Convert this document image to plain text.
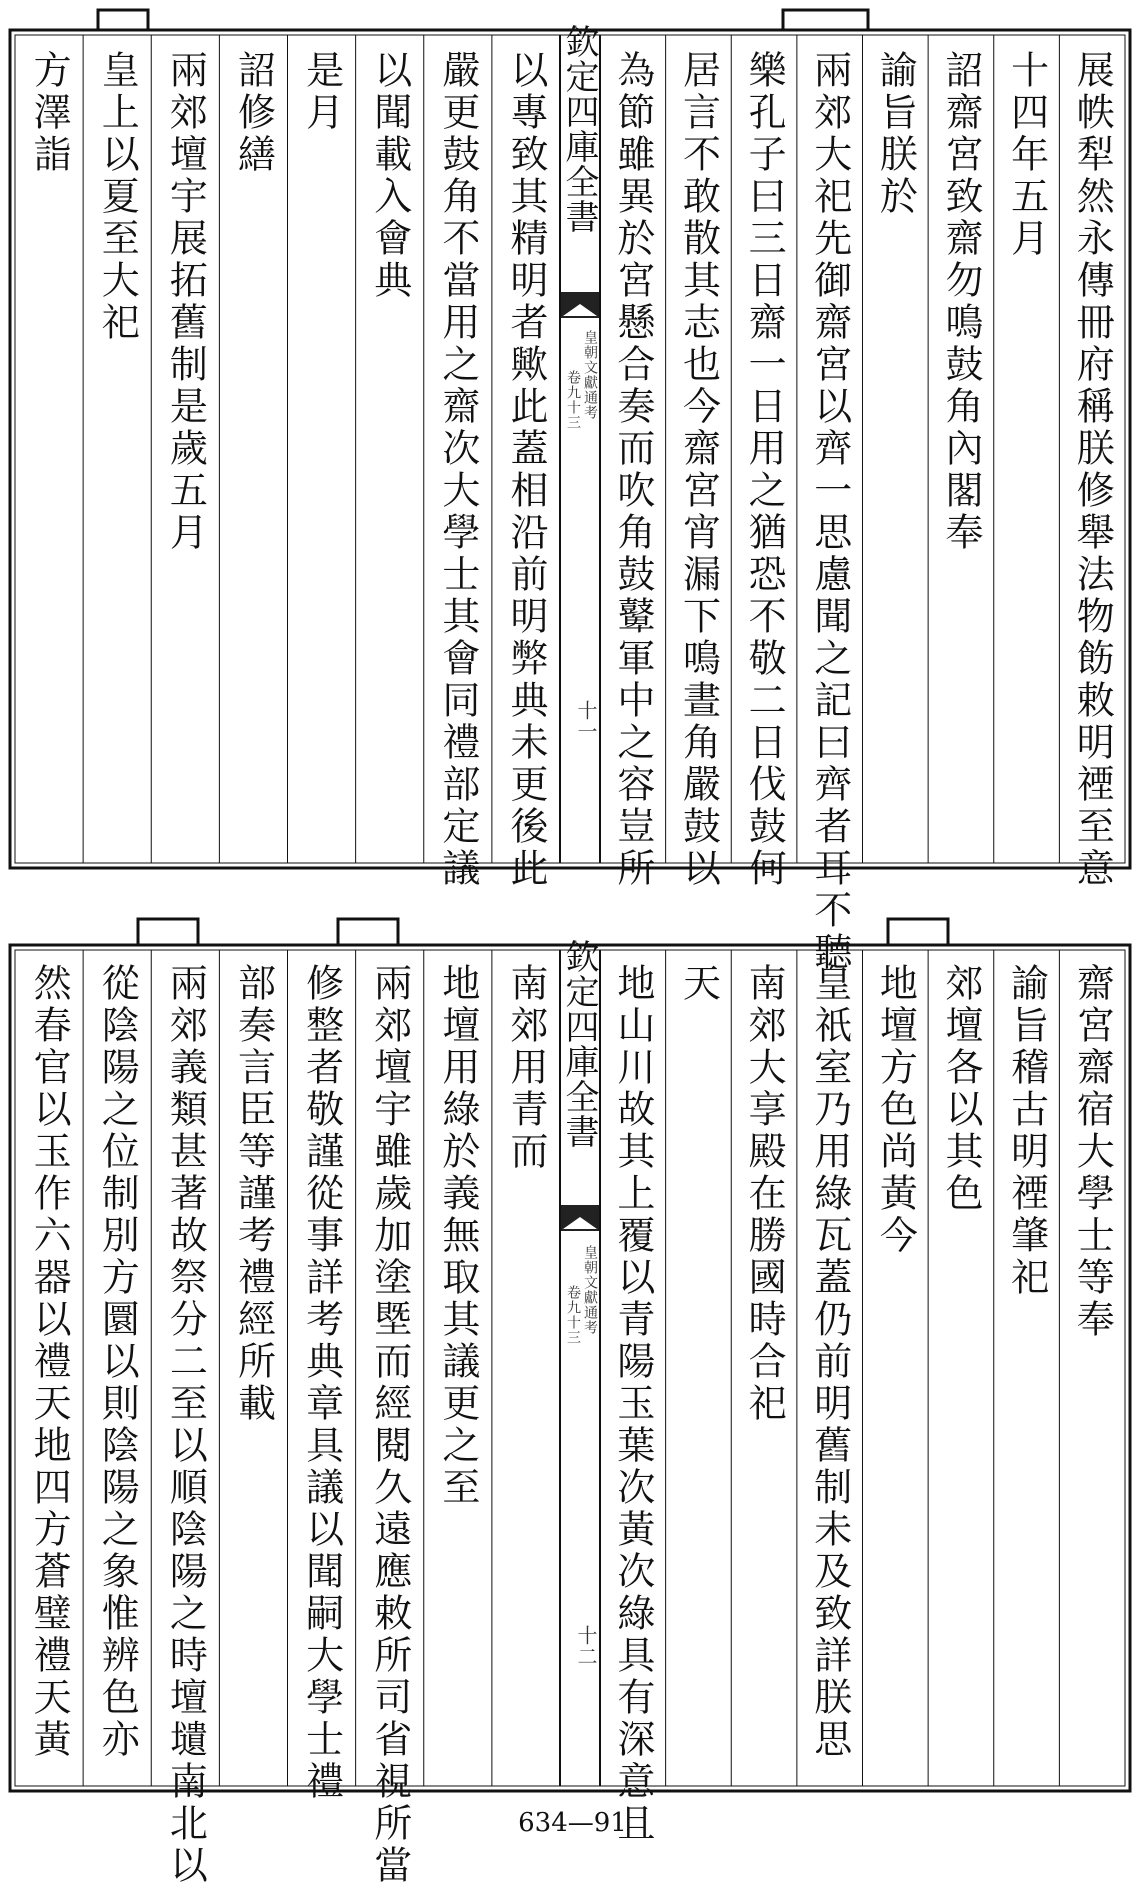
展帙犁然永傳冊府稱朕修舉法物飭敕明禋至意
十四年五月
詔齋宮致齋勿鳴鼓角內閣奉
諭旨朕於
兩郊大祀先御齋宮以齊一思慮聞之記曰齊者耳不聽
樂孔子曰三日齋一日用之猶恐不敬二日伐鼓何
居言不敢散其志也今齋宮宵漏下鳴晝角嚴鼓以
為節雖異於宮懸合奏而吹角鼓鼙軍中之容豈所
以專致其精明者歟此蓋相沿前明弊典未更後此
嚴更鼓角不當用之齋次大學士其會同禮部定議
以聞載入會典
是月
詔修繕
兩郊壇宇展拓舊制是歲五月
皇上以夏至大祀
方澤詣	欽定四庫全書
皇朝文獻通考
卷九十三
十一
齋宮齋宿大學士等奉
諭旨稽古明禋肇祀
郊壇各以其色
地壇方色尚黃今
皇祇室乃用綠瓦蓋仍前明舊制未及致詳朕思
南郊大享殿在勝國時合祀
天
地山川故其上覆以青陽玉葉次黃次綠具有深意且
南郊用青而
地壇用綠於義無取其議更之至
兩郊壇宇雖歲加塗塈而經閱久遠應敕所司省視所當
修整者敬謹從事詳考典章具議以聞嗣大學士禮
部奏言臣等謹考禮經所載
兩郊義類甚著故祭分二至以順陰陽之時壇壝南北以
從陰陽之位制別方圜以則陰陽之象惟辨色亦
然春官以玉作六器以禮天地四方蒼璧禮天黃	欽定四庫全書
皇朝文獻通考
卷九十三
十二
634—91
